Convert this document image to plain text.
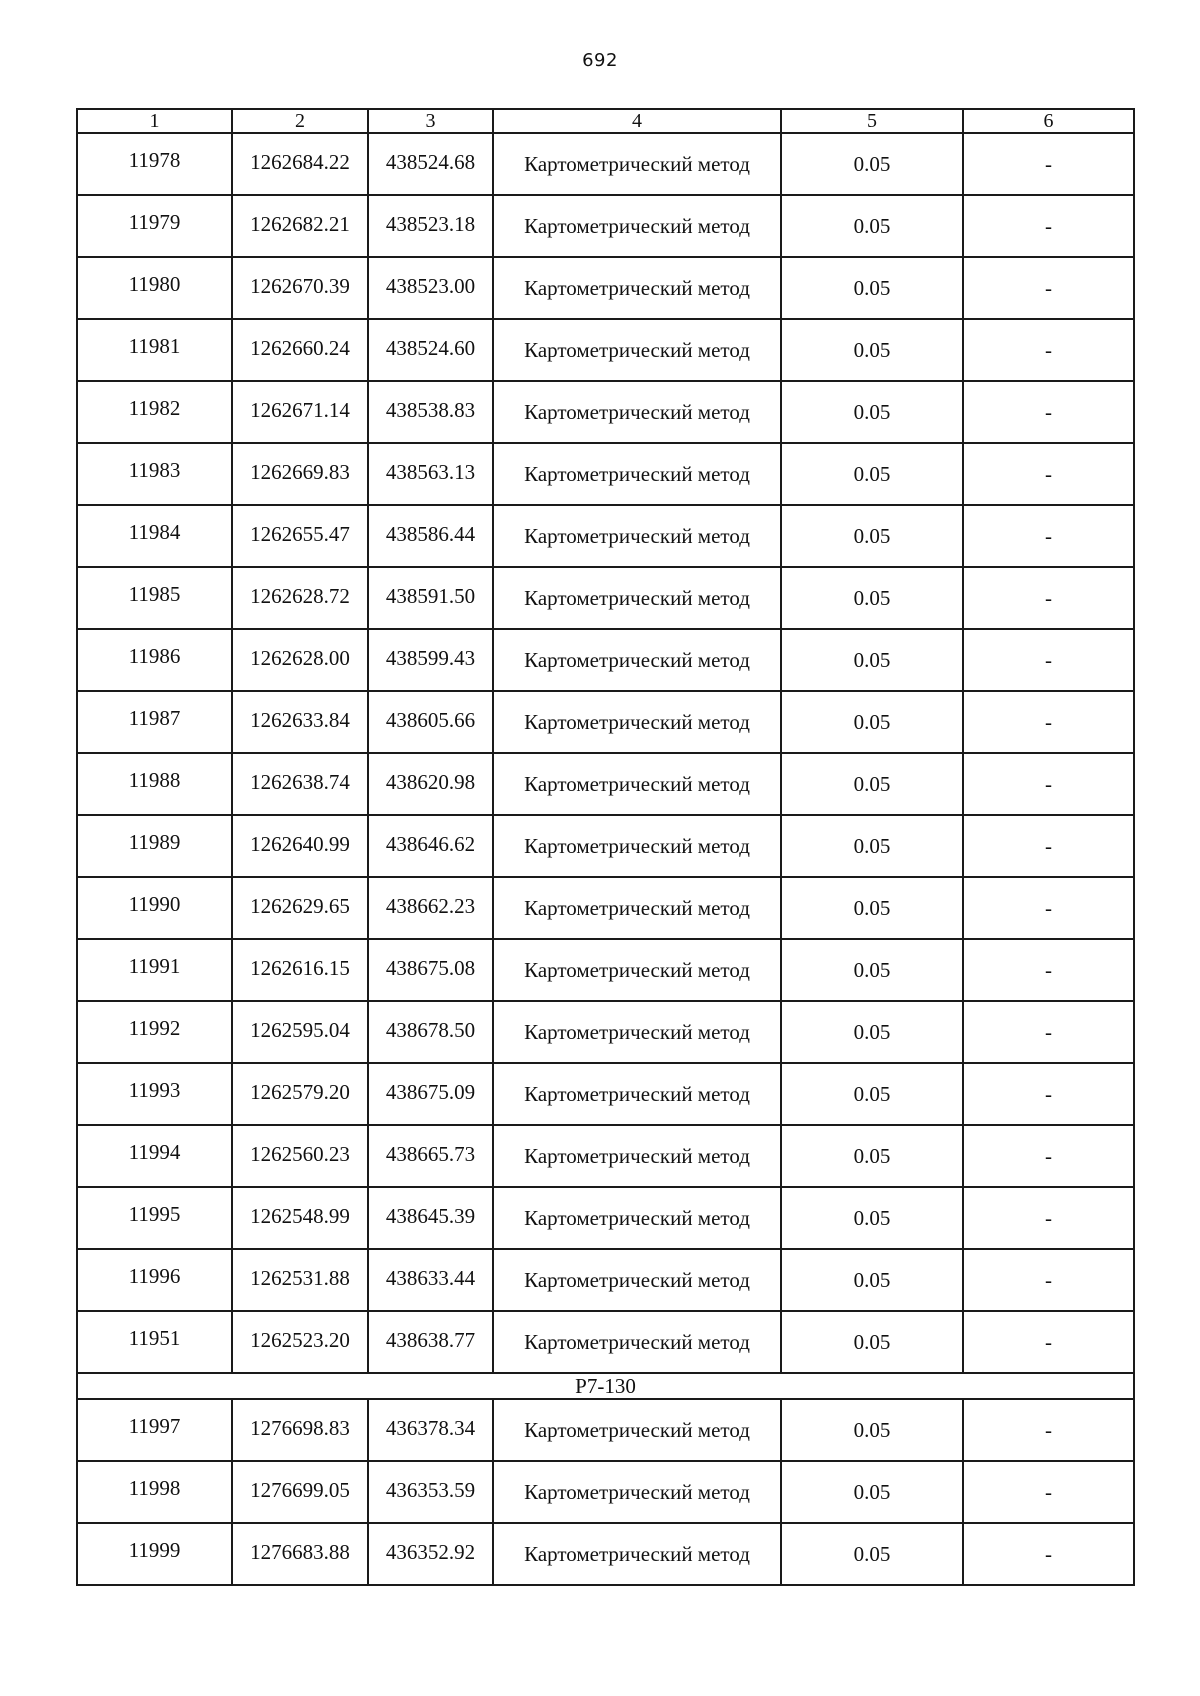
692
1	2	3	4	5	6

11978	1262684.22	438524.68	Картометрический метод	0.05	-

11979	1262682.21	438523.18	Картометрический метод	0.05	-

11980	1262670.39	438523.00	Картометрический метод	0.05	-

11981	1262660.24	438524.60	Картометрический метод	0.05	-

11982	1262671.14	438538.83	Картометрический метод	0.05	-

11983	1262669.83	438563.13	Картометрический метод	0.05	-

11984	1262655.47	438586.44	Картометрический метод	0.05	-

11985	1262628.72	438591.50	Картометрический метод	0.05	-

11986	1262628.00	438599.43	Картометрический метод	0.05	-

11987	1262633.84	438605.66	Картометрический метод	0.05	-

11988	1262638.74	438620.98	Картометрический метод	0.05	-

11989	1262640.99	438646.62	Картометрический метод	0.05	-

11990	1262629.65	438662.23	Картометрический метод	0.05	-

11991	1262616.15	438675.08	Картометрический метод	0.05	-

11992	1262595.04	438678.50	Картометрический метод	0.05	-

11993	1262579.20	438675.09	Картометрический метод	0.05	-

11994	1262560.23	438665.73	Картометрический метод	0.05	-

11995	1262548.99	438645.39	Картометрический метод	0.05	-

11996	1262531.88	438633.44	Картометрический метод	0.05	-

11951	1262523.20	438638.77	Картометрический метод	0.05	-

Р7-130					

11997	1276698.83	436378.34	Картометрический метод	0.05	-

11998	1276699.05	436353.59	Картометрический метод	0.05	-

11999	1276683.88	436352.92	Картометрический метод	0.05	-
